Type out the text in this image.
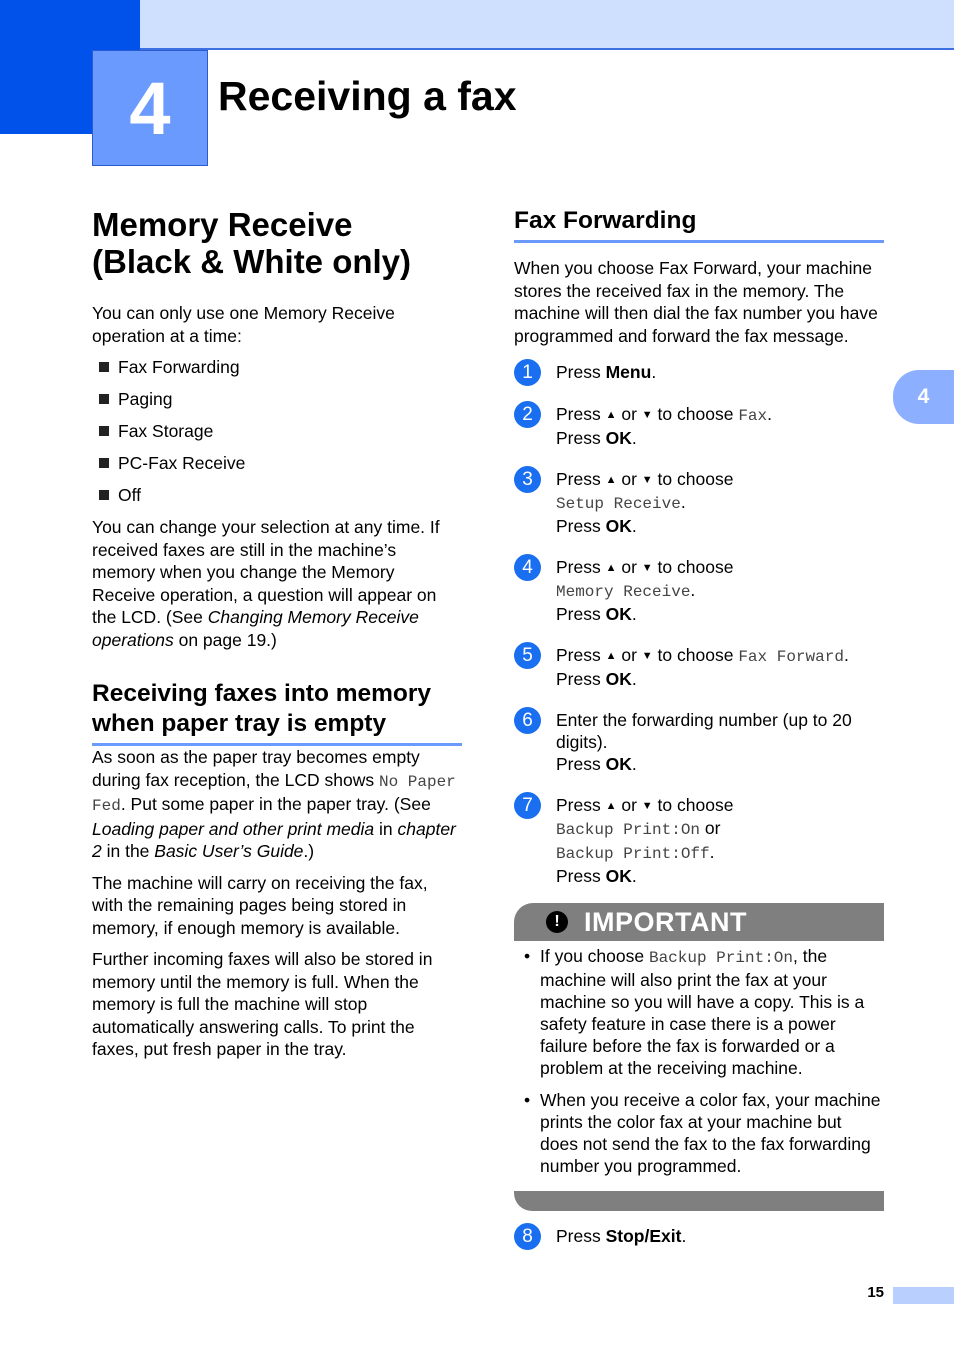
4	Receiving a fax
4
Memory Receive
(Black & White only)

You can only use one Memory Receive operation at a time:

Fax Forwarding
Paging
Fax Storage
PC-Fax Receive
Off

You can change your selection at any time. If received faxes are still in the machine’s memory when you change the Memory Receive operation, a question will appear on the LCD. (See Changing Memory Receive operations on page 19.)

Receiving faxes into memory when paper tray is empty

As soon as the paper tray becomes empty during fax reception, the LCD shows No Paper Fed. Put some paper in the paper tray. (See Loading paper and other print media in chapter 2 in the Basic User’s Guide.)

The machine will carry on receiving the fax, with the remaining pages being stored in memory, if enough memory is available.

Further incoming faxes will also be stored in memory until the memory is full. When the memory is full the machine will stop automatically answering calls. To print the faxes, put fresh paper in the tray.

Fax Forwarding

When you choose Fax Forward, your machine stores the received fax in the memory. The machine will then dial the fax number you have programmed and forward the fax message.

1	Press Menu.
2	Press ▲ or ▼ to choose Fax.
Press OK.
3	Press ▲ or ▼ to choose
Setup Receive.
Press OK.
4	Press ▲ or ▼ to choose
Memory Receive.
Press OK.
5	Press ▲ or ▼ to choose Fax Forward.
Press OK.
6	Enter the forwarding number (up to 20 digits).
Press OK.
7	Press ▲ or ▼ to choose
Backup Print:On or
Backup Print:Off.
Press OK.
! IMPORTANT
• If you choose Backup Print:On, the machine will also print the fax at your machine so you will have a copy. This is a safety feature in case there is a power failure before the fax is forwarded or a problem at the receiving machine.
• When you receive a color fax, your machine prints the color fax at your machine but does not send the fax to the fax forwarding number you programmed.
8	Press Stop/Exit.
15
